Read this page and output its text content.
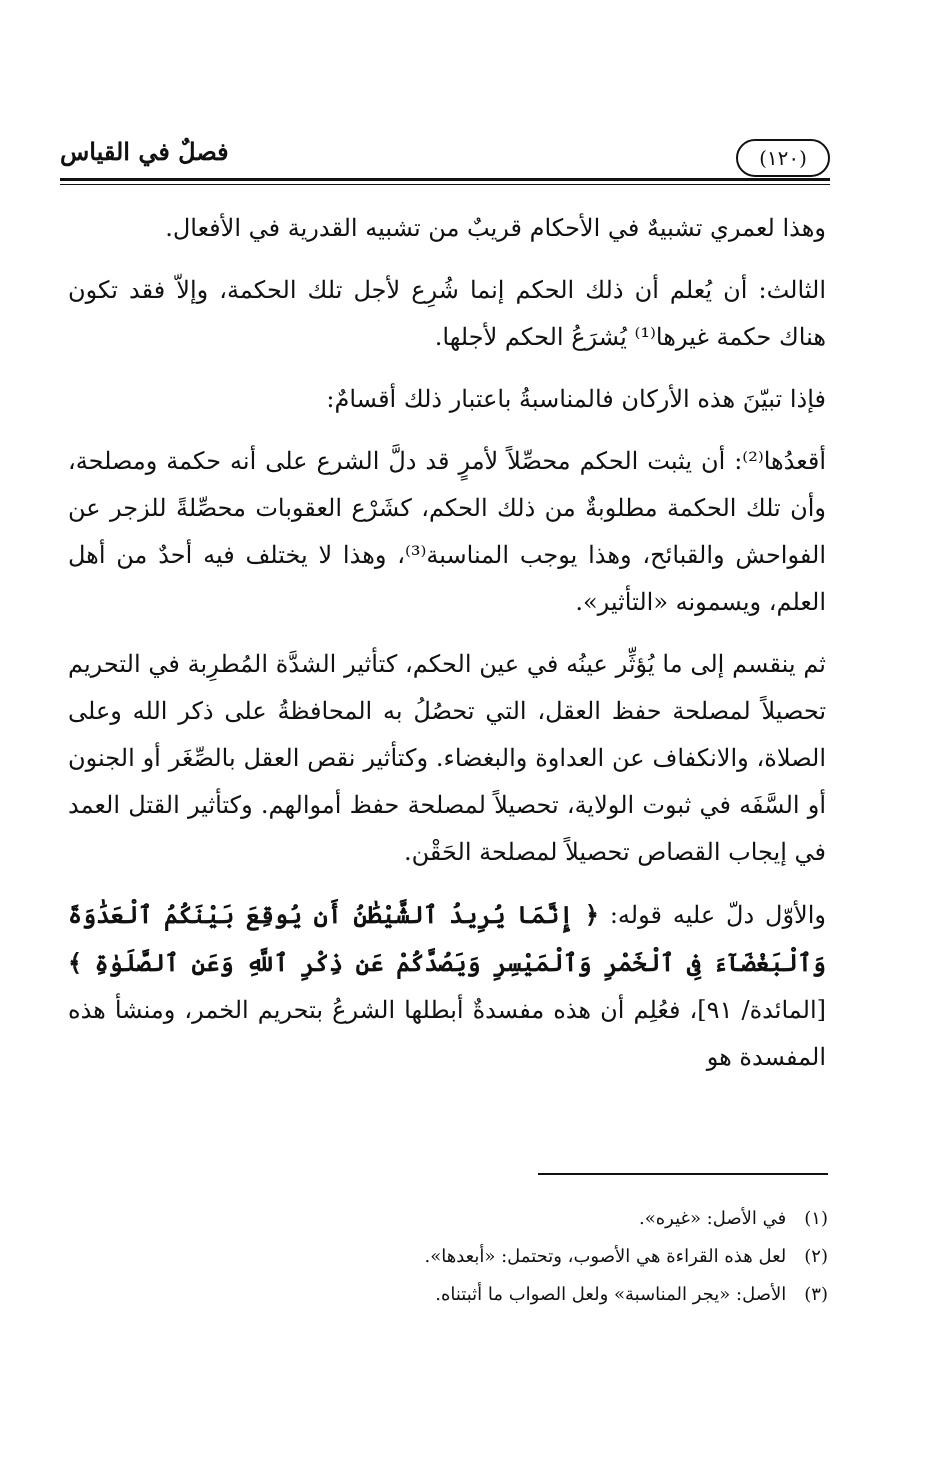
(١٢٠)
فصلٌ في القياس

وهذا لعمري تشبيهٌ في الأحكام قريبٌ من تشبيه القدرية في الأفعال.

الثالث: أن يُعلم أن ذلك الحكم إنما شُرِع لأجل تلك الحكمة، وإلاّ فقد تكون هناك حكمة غيرها⁽¹⁾ يُشرَعُ الحكم لأجلها.

فإذا تبيّنَ هذه الأركان فالمناسبةُ باعتبار ذلك أقسامٌ:

أقعدُها⁽²⁾: أن يثبت الحكم محصِّلاً لأمرٍ قد دلَّ الشرع على أنه حكمة ومصلحة، وأن تلك الحكمة مطلوبةٌ من ذلك الحكم، كشَرْع العقوبات محصِّلةً للزجر عن الفواحش والقبائح، وهذا يوجب المناسبة⁽³⁾، وهذا لا يختلف فيه أحدٌ من أهل العلم، ويسمونه «التأثير».

ثم ينقسم إلى ما يُؤثِّر عينُه في عين الحكم، كتأثير الشدَّة المُطرِبة في التحريم تحصيلاً لمصلحة حفظ العقل، التي تحصُلُ به المحافظةُ على ذكر الله وعلى الصلاة، والانكفاف عن العداوة والبغضاء. وكتأثير نقص العقل بالصِّغَر أو الجنون أو السَّفَه في ثبوت الولاية، تحصيلاً لمصلحة حفظ أموالهم. وكتأثير القتل العمد في إيجاب القصاص تحصيلاً لمصلحة الحَقْن.

والأوّل دلّ عليه قوله: ﴿ إِنَّمَا يُرِيدُ ٱلشَّيْطَٰنُ أَن يُوقِعَ بَيْنَكُمُ ٱلْعَدَٰوَةَ وَٱلْبَغْضَآءَ فِى ٱلْخَمْرِ وَٱلْمَيْسِرِ وَيَصُدَّكُمْ عَن ذِكْرِ ٱللَّهِ وَعَنِ ٱلصَّلَوٰةِ ﴾ [المائدة/ ٩١]، فعُلِم أن هذه مفسدةٌ أبطلها الشرعُ بتحريم الخمر، ومنشأ هذه المفسدة هو

(١) في الأصل: «غيره».
(٢) لعل هذه القراءة هي الأصوب، وتحتمل: «أبعدها».
(٣) الأصل: «يجر المناسبة» ولعل الصواب ما أثبتناه.
